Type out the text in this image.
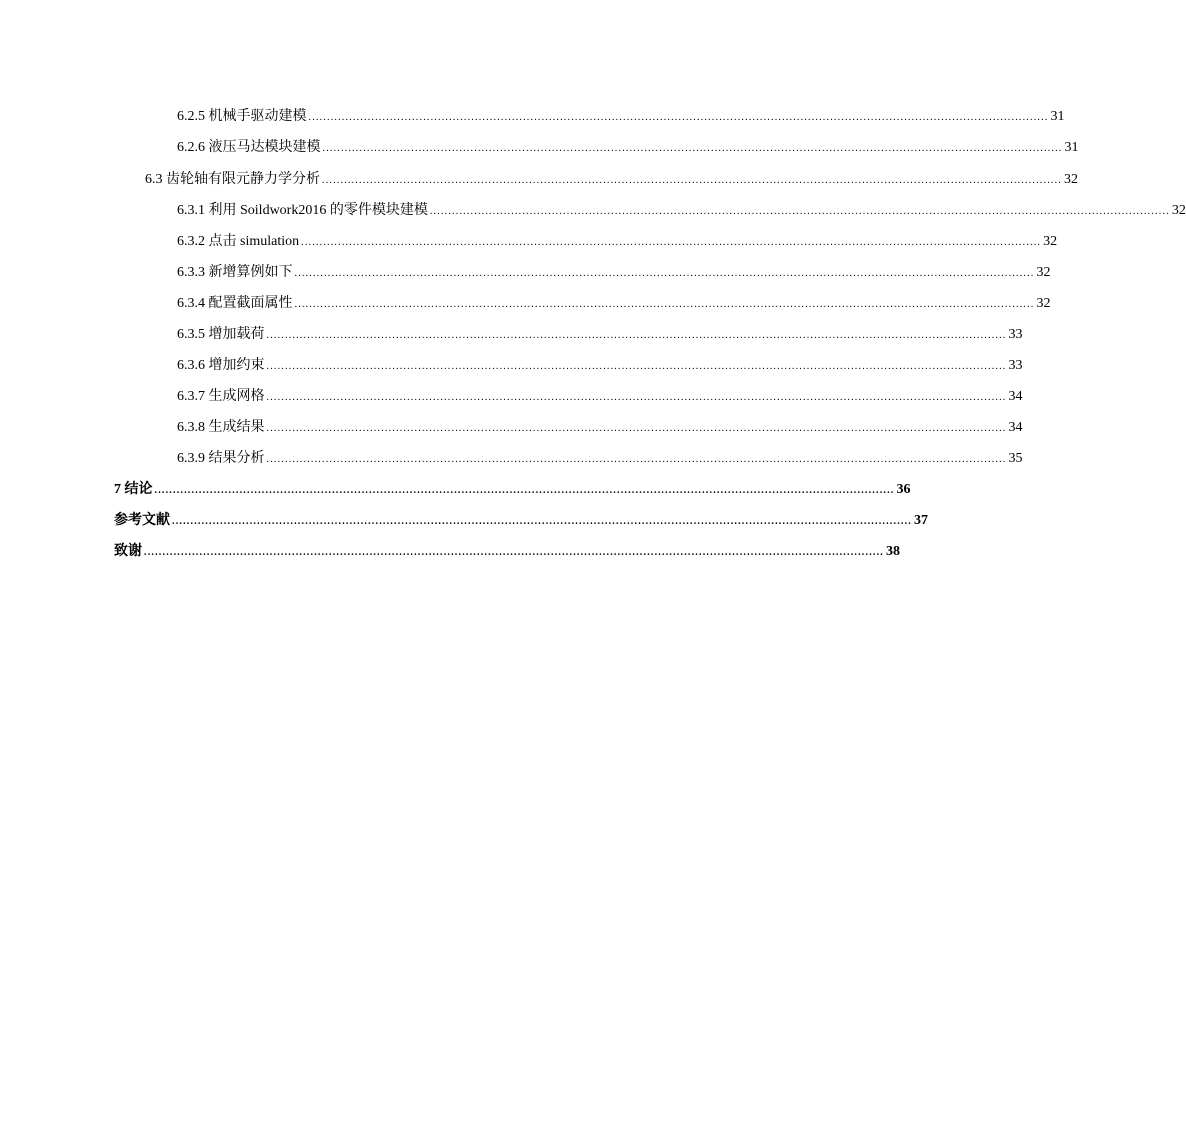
6.2.5 机械手驱动建模 ........................................................................................................................................................................................................ 31
6.2.6 液压马达模块建模 ........................................................................................................................................................................................................ 31
6.3 齿轮轴有限元静力学分析 ........................................................................................................................................................................................................ 32
6.3.1 利用 Soildwork2016 的零件模块建模 ........................................................................................................................................................................................................ 32
6.3.2 点击 simulation ........................................................................................................................................................................................................ 32
6.3.3 新增算例如下 ........................................................................................................................................................................................................ 32
6.3.4 配置截面属性 ........................................................................................................................................................................................................ 32
6.3.5 增加载荷 ........................................................................................................................................................................................................ 33
6.3.6 增加约束 ........................................................................................................................................................................................................ 33
6.3.7 生成网格 ........................................................................................................................................................................................................ 34
6.3.8 生成结果 ........................................................................................................................................................................................................ 34
6.3.9 结果分析 ........................................................................................................................................................................................................ 35
7 结论 ........................................................................................................................................................................................................ 36
参考文献 ........................................................................................................................................................................................................ 37
致谢 ........................................................................................................................................................................................................ 38
